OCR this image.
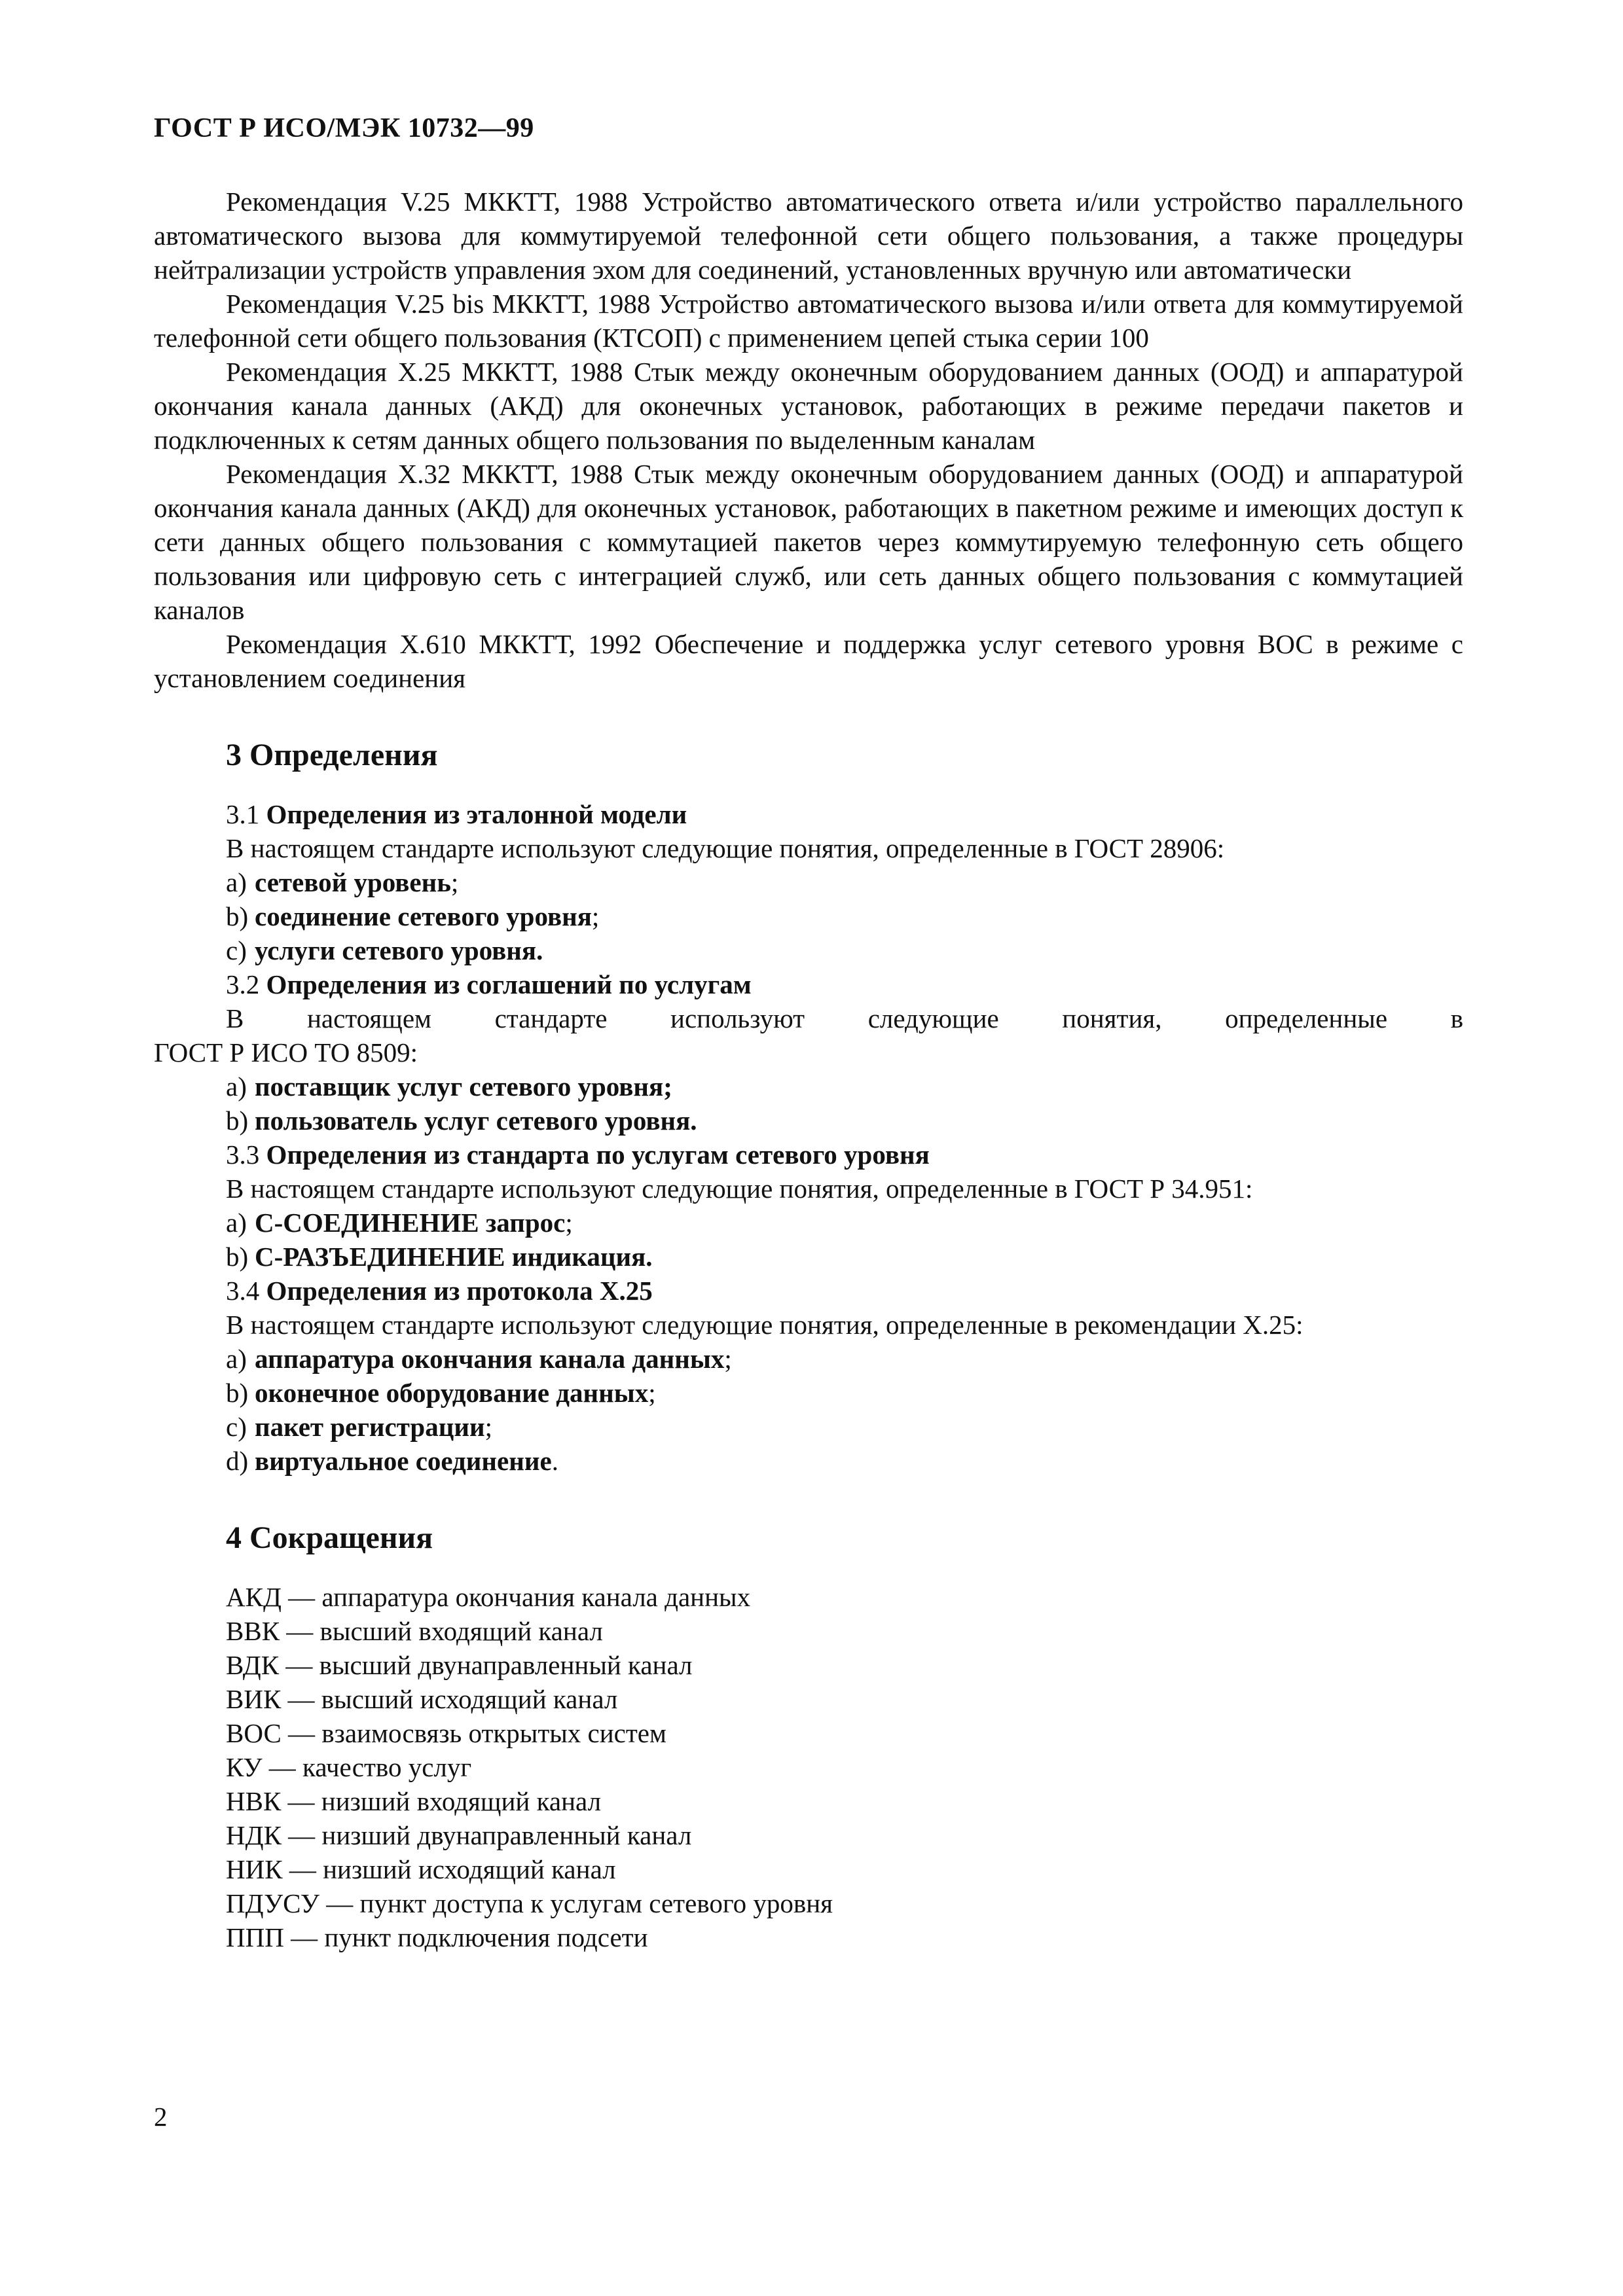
ГОСТ Р ИСО/МЭК 10732—99

Рекомендация V.25 МККТТ, 1988 Устройство автоматического ответа и/или устройство параллельного автоматического вызова для коммутируемой телефонной сети общего пользования, а также процедуры нейтрализации устройств управления эхом для соединений, установленных вручную или автоматически

Рекомендация V.25 bis МККТТ, 1988 Устройство автоматического вызова и/или ответа для коммутируемой телефонной сети общего пользования (КТСОП) с применением цепей стыка серии 100

Рекомендация X.25 МККТТ, 1988 Стык между оконечным оборудованием данных (ООД) и аппаратурой окончания канала данных (АКД) для оконечных установок, работающих в режиме передачи пакетов и подключенных к сетям данных общего пользования по выделенным каналам

Рекомендация X.32 МККТТ, 1988 Стык между оконечным оборудованием данных (ООД) и аппаратурой окончания канала данных (АКД) для оконечных установок, работающих в пакетном режиме и имеющих доступ к сети данных общего пользования с коммутацией пакетов через коммутируемую телефонную сеть общего пользования или цифровую сеть с интеграцией служб, или сеть данных общего пользования с коммутацией каналов

Рекомендация X.610 МККТТ, 1992 Обеспечение и поддержка услуг сетевого уровня ВОС в режиме с установлением соединения

3 Определения

3.1 Определения из эталонной модели

В настоящем стандарте используют следующие понятия, определенные в ГОСТ 28906:

a) сетевой уровень;

b) соединение сетевого уровня;

c) услуги сетевого уровня.

3.2 Определения из соглашений по услугам

В настоящем стандарте используют следующие понятия, определенные в

ГОСТ Р ИСО ТО 8509:

a) поставщик услуг сетевого уровня;

b) пользователь услуг сетевого уровня.

3.3 Определения из стандарта по услугам сетевого уровня

В настоящем стандарте используют следующие понятия, определенные в ГОСТ Р 34.951:

a) С-СОЕДИНЕНИЕ запрос;

b) С-РАЗЪЕДИНЕНИЕ индикация.

3.4 Определения из протокола X.25

В настоящем стандарте используют следующие понятия, определенные в рекомендации X.25:

a) аппаратура окончания канала данных;

b) оконечное оборудование данных;

c) пакет регистрации;

d) виртуальное соединение.

4 Сокращения

АКД — аппаратура окончания канала данных

ВВК — высший входящий канал

ВДК — высший двунаправленный канал

ВИК — высший исходящий канал

ВОС — взаимосвязь открытых систем

КУ — качество услуг

НВК — низший входящий канал

НДК — низший двунаправленный канал

НИК — низший исходящий канал

ПДУСУ — пункт доступа к услугам сетевого уровня

ППП — пункт подключения подсети

2
